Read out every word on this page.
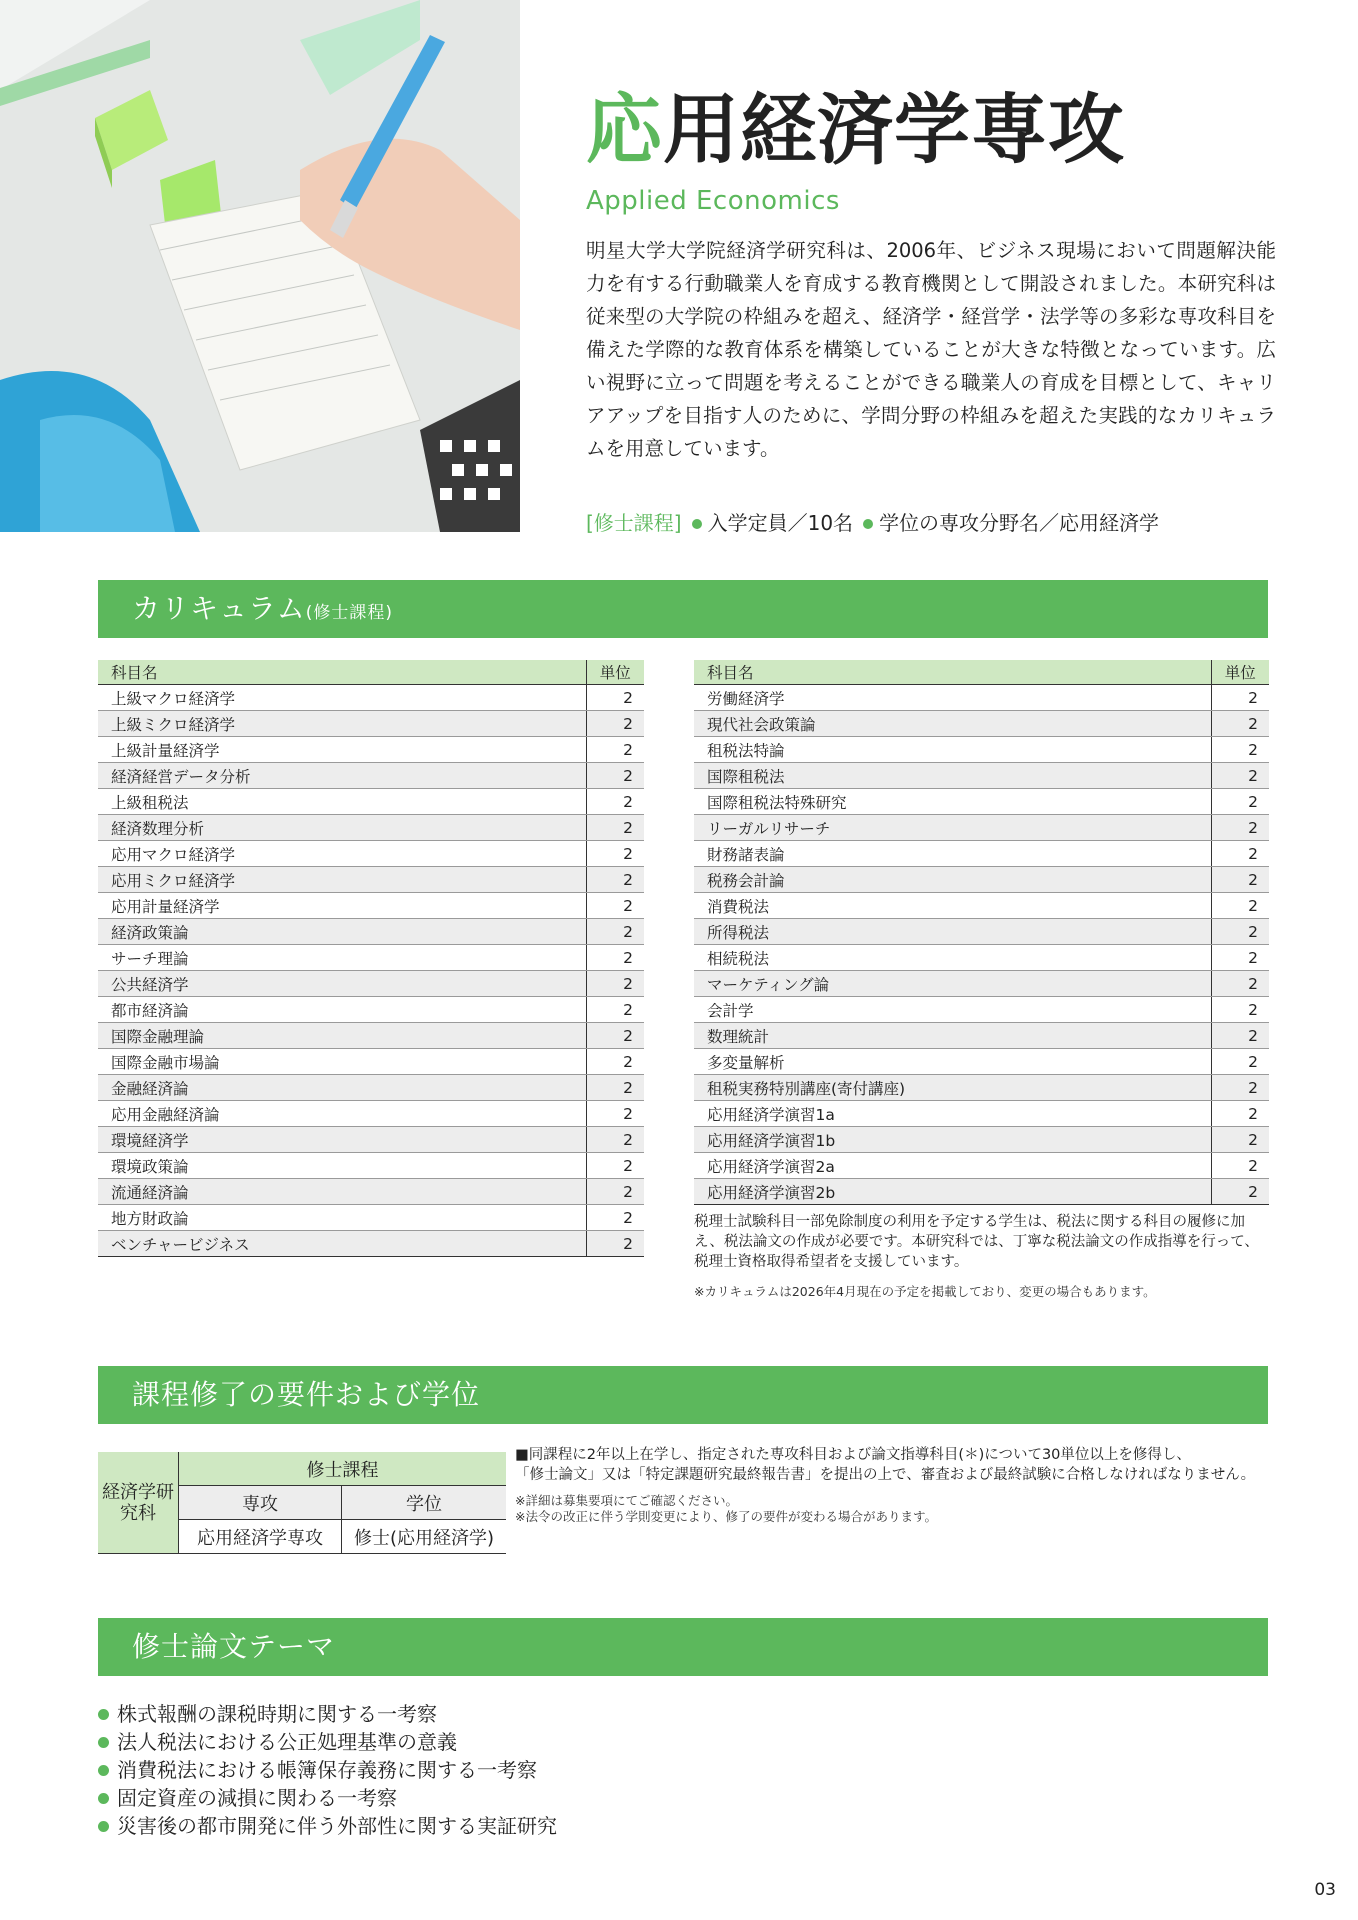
応用経済学専攻
Applied Economics

明星大学大学院経済学研究科は、2006年、ビジネス現場において問題解決能力を有する行動職業人を育成する教育機関として開設されました。本研究科は従来型の大学院の枠組みを超え、経済学・経営学・法学等の多彩な専攻科目を備えた学際的な教育体系を構築していることが大きな特徴となっています。広い視野に立って問題を考えることができる職業人の育成を目標として、キャリアアップを目指す人のために、学問分野の枠組みを超えた実践的なカリキュラムを用意しています。

[修士課程] 入学定員／10名 学位の専攻分野名／応用経済学
カリキュラム(修士課程)
科目名	単位
上級マクロ経済学	2
上級ミクロ経済学	2
上級計量経済学	2
経済経営データ分析	2
上級租税法	2
経済数理分析	2
応用マクロ経済学	2
応用ミクロ経済学	2
応用計量経済学	2
経済政策論	2
サーチ理論	2
公共経済学	2
都市経済論	2
国際金融理論	2
国際金融市場論	2
金融経済論	2
応用金融経済論	2
環境経済学	2
環境政策論	2
流通経済論	2
地方財政論	2
ベンチャービジネス	2
科目名	単位
労働経済学	2
現代社会政策論	2
租税法特論	2
国際租税法	2
国際租税法特殊研究	2
リーガルリサーチ	2
財務諸表論	2
税務会計論	2
消費税法	2
所得税法	2
相続税法	2
マーケティング論	2
会計学	2
数理統計	2
多変量解析	2
租税実務特別講座(寄付講座)	2
応用経済学演習1a	2
応用経済学演習1b	2
応用経済学演習2a	2
応用経済学演習2b	2
税理士試験科目一部免除制度の利用を予定する学生は、税法に関する科目の履修に加え、税法論文の作成が必要です。本研究科では、丁寧な税法論文の作成指導を行って、税理士資格取得希望者を支援しています。
※カリキュラムは2026年4月現在の予定を掲載しており、変更の場合もあります。
課程修了の要件および学位
経済学研究科	修士課程	
	専攻	学位
	応用経済学専攻	修士(応用経済学)
■同課程に2年以上在学し、指定された専攻科目および論文指導科目(＊)について30単位以上を修得し、
「修士論文」又は「特定課題研究最終報告書」を提出の上で、審査および最終試験に合格しなければなりません。
※詳細は募集要項にてご確認ください。
※法令の改正に伴う学則変更により、修了の要件が変わる場合があります。
修士論文テーマ
株式報酬の課税時期に関する一考察
法人税法における公正処理基準の意義
消費税法における帳簿保存義務に関する一考察
固定資産の減損に関わる一考察
災害後の都市開発に伴う外部性に関する実証研究
03
